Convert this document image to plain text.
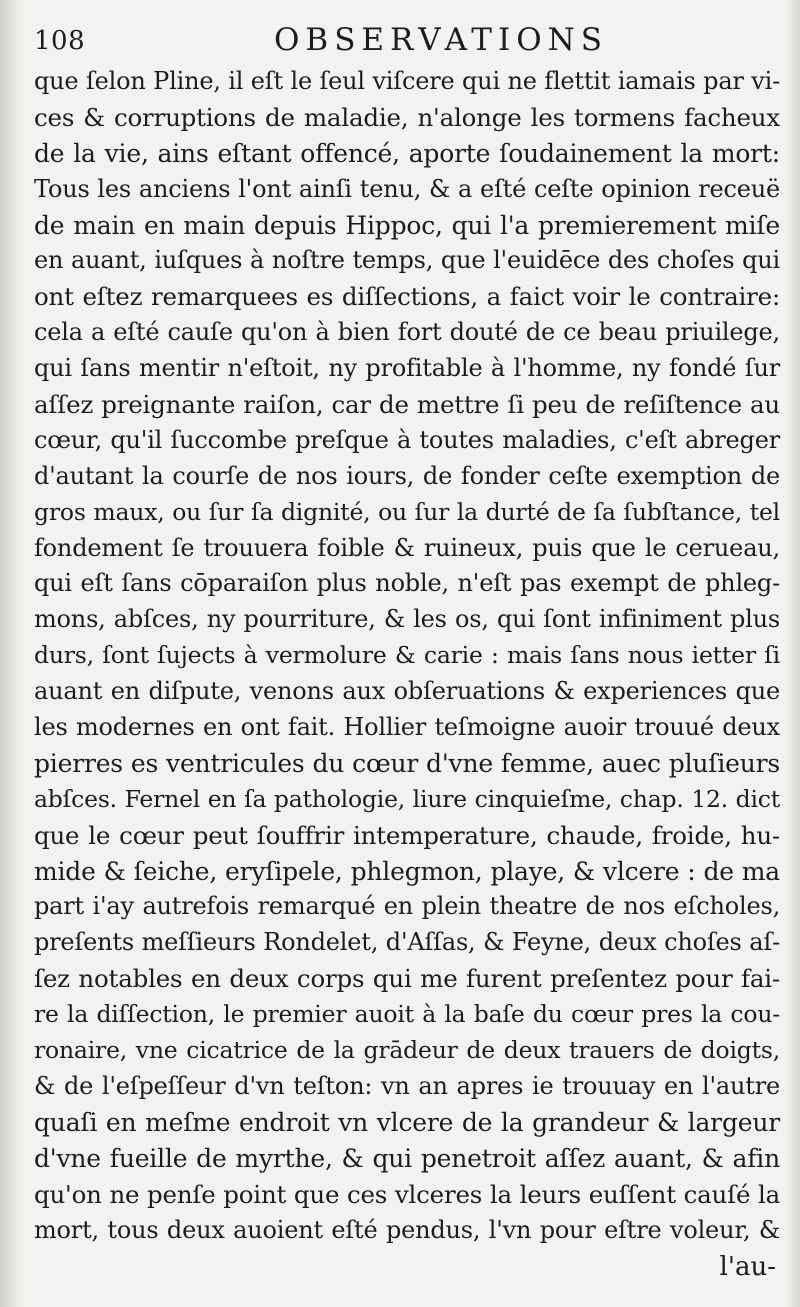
108	OBSERVATIONS
que ſelon Pline, il eſt le ſeul viſcere qui ne flettit iamais par vi-
ces & corruptions de maladie, n'alonge les tormens facheux
de la vie, ains eſtant offencé, aporte ſoudainement la mort:
Tous les anciens l'ont ainſi tenu, & a eſté ceſte opinion receuë
de main en main depuis Hippoc, qui l'a premierement miſe
en auant, iuſques à noſtre temps, que l'euidēce des choſes qui
ont eſtez remarquees es diſſections, a faict voir le contraire:
cela a eſté cauſe qu'on à bien fort douté de ce beau priuilege,
qui ſans mentir n'eſtoit, ny profitable à l'homme, ny fondé ſur
aſſez preignante raiſon, car de mettre ſi peu de reſiſtence au
cœur, qu'il ſuccombe preſque à toutes maladies, c'eſt abreger
d'autant la courſe de nos iours, de fonder ceſte exemption de
gros maux, ou ſur ſa dignité, ou ſur la durté de ſa ſubſtance, tel
fondement ſe trouuera foible & ruineux, puis que le cerueau,
qui eſt ſans cōparaiſon plus noble, n'eſt pas exempt de phleg-
mons, abſces, ny pourriture, & les os, qui ſont infiniment plus
durs, ſont ſujects à vermolure & carie : mais ſans nous ietter ſi
auant en diſpute, venons aux obſeruations & experiences que
les modernes en ont fait. Hollier teſmoigne auoir trouué deux
pierres es ventricules du cœur d'vne femme, auec pluſieurs
abſces. Fernel en ſa pathologie, liure cinquieſme, chap. 12. dict
que le cœur peut ſouffrir intemperature, chaude, froide, hu-
mide & ſeiche, eryſipele, phlegmon, playe, & vlcere : de ma
part i'ay autrefois remarqué en plein theatre de nos eſcholes,
preſents meſſieurs Rondelet, d'Aſſas, & Feyne, deux choſes aſ-
ſez notables en deux corps qui me furent preſentez pour fai-
re la diſſection, le premier auoit à la baſe du cœur pres la cou-
ronaire, vne cicatrice de la grādeur de deux trauers de doigts,
& de l'eſpeſſeur d'vn teſton: vn an apres ie trouuay en l'autre
quaſi en meſme endroit vn vlcere de la grandeur & largeur
d'vne fueille de myrthe, & qui penetroit aſſez auant, & afin
qu'on ne penſe point que ces vlceres la leurs euſſent cauſé la
mort, tous deux auoient eſté pendus, l'vn pour eſtre voleur, &
l'au-
